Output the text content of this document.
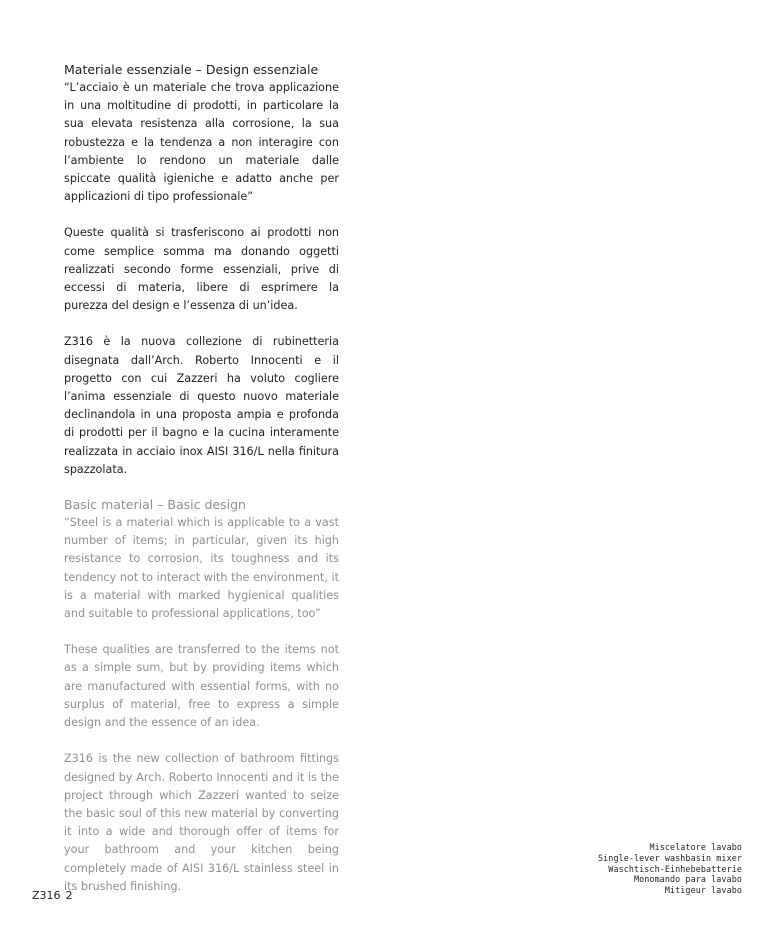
Materiale essenziale – Design essenziale

“L’acciaio è un materiale che trova applicazione in una moltitudine di prodotti, in particolare la sua elevata resistenza alla corrosione, la sua robustezza e la tendenza a non interagire con l’ambiente lo rendono un materiale dalle spiccate qualità igieniche e adatto anche per applicazioni di tipo professionale”

Queste qualità si trasferiscono ai prodotti non come semplice somma ma donando oggetti realizzati secondo forme essenziali, prive di eccessi di materia, libere di esprimere la purezza del design e l’essenza di un’idea.

Z316 è la nuova collezione di rubinetteria disegnata dall’Arch. Roberto Innocenti e il progetto con cui Zazzeri ha voluto cogliere l’anima essenziale di questo nuovo materiale declinandola in una proposta ampia e profonda di prodotti per il bagno e la cucina interamente realizzata in acciaio inox AISI 316/L nella finitura spazzolata.

Basic material – Basic design

“Steel is a material which is applicable to a vast number of items; in particular, given its high resistance to corrosion, its toughness and its tendency not to interact with the environment, it is a material with marked hygienical qualities and suitable to professional applications, too”

These qualities are transferred to the items not as a simple sum, but by providing items which are manufactured with essential forms, with no surplus of material, free to express a simple design and the essence of an idea.

Z316 is the new collection of bathroom fittings designed by Arch. Roberto Innocenti and it is the project through which Zazzeri wanted to seize the basic soul of this new material by converting it into a wide and thorough offer of items for your bathroom and your kitchen being completely made of AISI 316/L stainless steel in its brushed finishing.

Miscelatore lavabo
Single-lever washbasin mixer
Waschtisch-Einhebebatterie
Monomando para lavabo
Mitigeur lavabo
Z316 2
